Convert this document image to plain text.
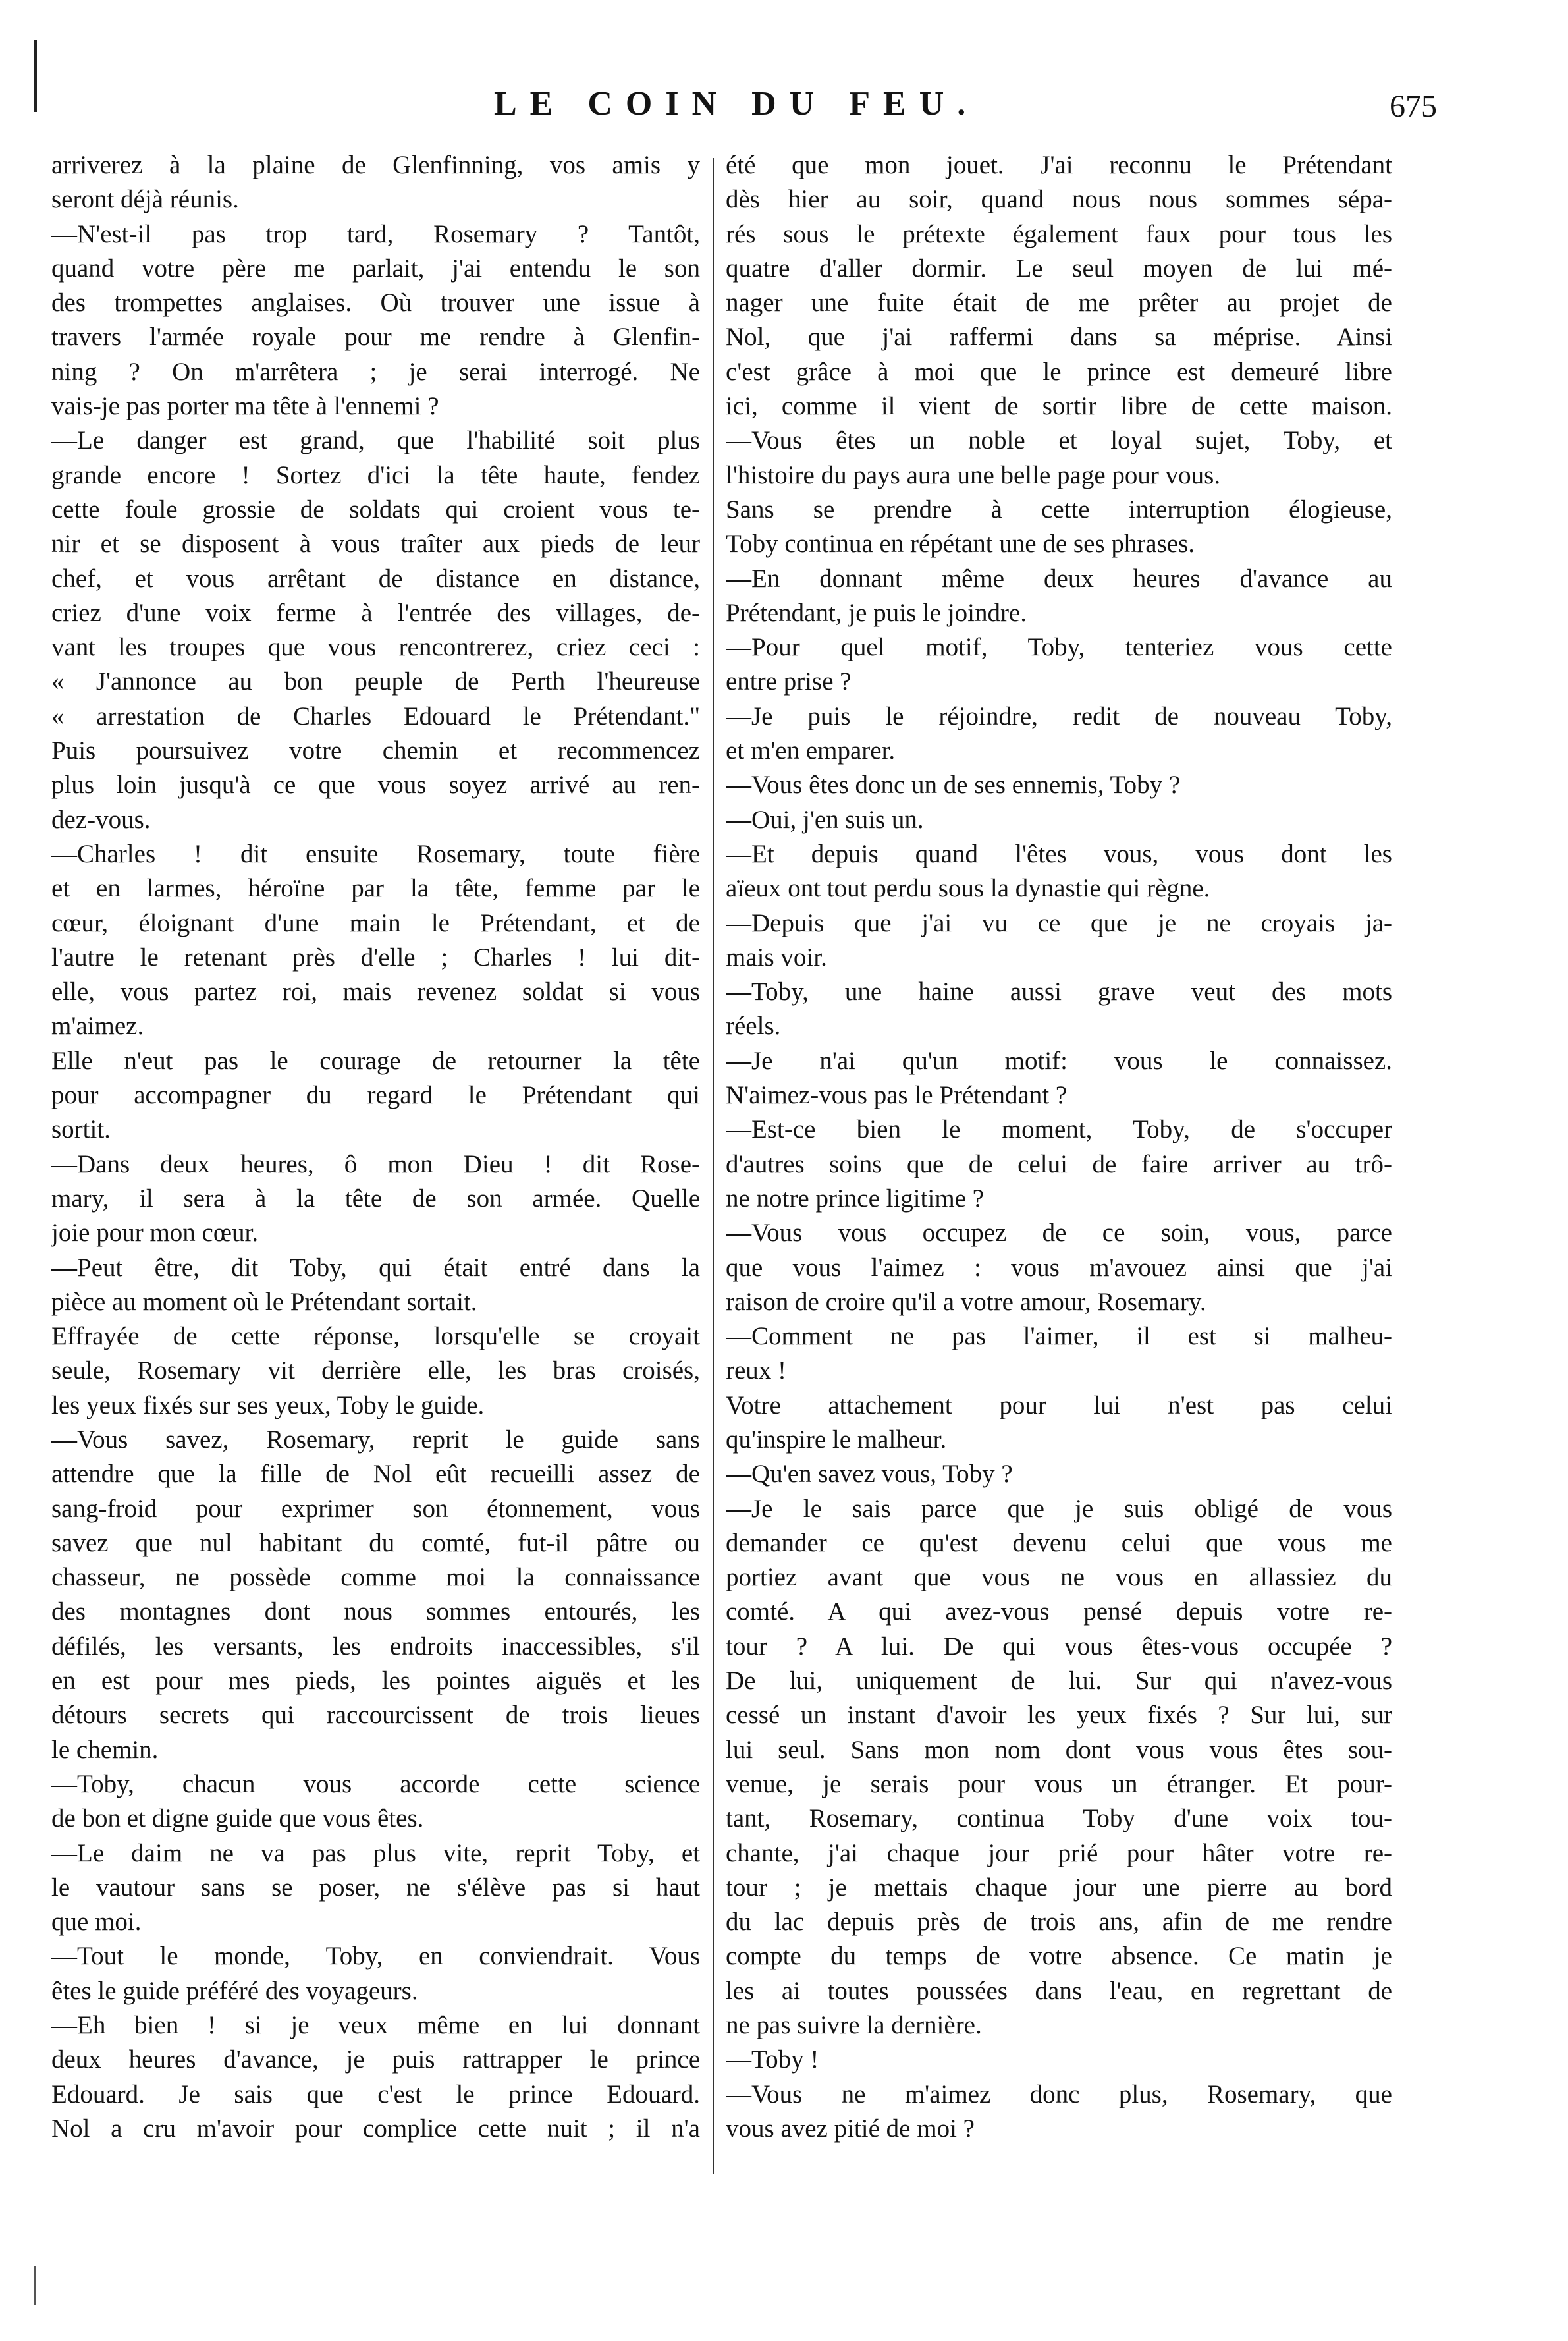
LE COIN DU FEU.	675
arriverez à la plaine de Glenfinning, vos amis y
seront déjà réunis.
—N'est-il pas trop tard, Rosemary ? Tantôt,
quand votre père me parlait, j'ai entendu le son
des trompettes anglaises. Où trouver une issue à
travers l'armée royale pour me rendre à Glenfin-
ning ? On m'arrêtera ; je serai interrogé. Ne
vais-je pas porter ma tête à l'ennemi ?
—Le danger est grand, que l'habilité soit plus
grande encore ! Sortez d'ici la tête haute, fendez
cette foule grossie de soldats qui croient vous te-
nir et se disposent à vous traîter aux pieds de leur
chef, et vous arrêtant de distance en distance,
criez d'une voix ferme à l'entrée des villages, de-
vant les troupes que vous rencontrerez, criez ceci :
« J'annonce au bon peuple de Perth l'heureuse
« arrestation de Charles Edouard le Prétendant."
Puis poursuivez votre chemin et recommencez
plus loin jusqu'à ce que vous soyez arrivé au ren-
dez-vous.
—Charles ! dit ensuite Rosemary, toute fière
et en larmes, héroïne par la tête, femme par le
cœur, éloignant d'une main le Prétendant, et de
l'autre le retenant près d'elle ; Charles ! lui dit-
elle, vous partez roi, mais revenez soldat si vous
m'aimez.
Elle n'eut pas le courage de retourner la tête
pour accompagner du regard le Prétendant qui
sortit.
—Dans deux heures, ô mon Dieu ! dit Rose-
mary, il sera à la tête de son armée. Quelle
joie pour mon cœur.
—Peut être, dit Toby, qui était entré dans la
pièce au moment où le Prétendant sortait.
Effrayée de cette réponse, lorsqu'elle se croyait
seule, Rosemary vit derrière elle, les bras croisés,
les yeux fixés sur ses yeux, Toby le guide.
—Vous savez, Rosemary, reprit le guide sans
attendre que la fille de Nol eût recueilli assez de
sang-froid pour exprimer son étonnement, vous
savez que nul habitant du comté, fut-il pâtre ou
chasseur, ne possède comme moi la connaissance
des montagnes dont nous sommes entourés, les
défilés, les versants, les endroits inaccessibles, s'il
en est pour mes pieds, les pointes aiguës et les
détours secrets qui raccourcissent de trois lieues
le chemin.
—Toby, chacun vous accorde cette science
de bon et digne guide que vous êtes.
—Le daim ne va pas plus vite, reprit Toby, et
le vautour sans se poser, ne s'élève pas si haut
que moi.
—Tout le monde, Toby, en conviendrait. Vous
êtes le guide préféré des voyageurs.
—Eh bien ! si je veux même en lui donnant
deux heures d'avance, je puis rattrapper le prince
Edouard. Je sais que c'est le prince Edouard.
Nol a cru m'avoir pour complice cette nuit ; il n'a
été que mon jouet. J'ai reconnu le Prétendant
dès hier au soir, quand nous nous sommes sépa-
rés sous le prétexte également faux pour tous les
quatre d'aller dormir. Le seul moyen de lui mé-
nager une fuite était de me prêter au projet de
Nol, que j'ai raffermi dans sa méprise. Ainsi
c'est grâce à moi que le prince est demeuré libre
ici, comme il vient de sortir libre de cette maison.
—Vous êtes un noble et loyal sujet, Toby, et
l'histoire du pays aura une belle page pour vous.
Sans se prendre à cette interruption élogieuse,
Toby continua en répétant une de ses phrases.
—En donnant même deux heures d'avance au
Prétendant, je puis le joindre.
—Pour quel motif, Toby, tenteriez vous cette
entre prise ?
—Je puis le réjoindre, redit de nouveau Toby,
et m'en emparer.
—Vous êtes donc un de ses ennemis, Toby ?
—Oui, j'en suis un.
—Et depuis quand l'êtes vous, vous dont les
aïeux ont tout perdu sous la dynastie qui règne.
—Depuis que j'ai vu ce que je ne croyais ja-
mais voir.
—Toby, une haine aussi grave veut des mots
réels.
—Je n'ai qu'un motif: vous le connaissez.
N'aimez-vous pas le Prétendant ?
—Est-ce bien le moment, Toby, de s'occuper
d'autres soins que de celui de faire arriver au trô-
ne notre prince ligitime ?
—Vous vous occupez de ce soin, vous, parce
que vous l'aimez : vous m'avouez ainsi que j'ai
raison de croire qu'il a votre amour, Rosemary.
—Comment ne pas l'aimer, il est si malheu-
reux !
Votre attachement pour lui n'est pas celui
qu'inspire le malheur.
—Qu'en savez vous, Toby ?
—Je le sais parce que je suis obligé de vous
demander ce qu'est devenu celui que vous me
portiez avant que vous ne vous en allassiez du
comté. A qui avez-vous pensé depuis votre re-
tour ? A lui. De qui vous êtes-vous occupée ?
De lui, uniquement de lui. Sur qui n'avez-vous
cessé un instant d'avoir les yeux fixés ? Sur lui, sur
lui seul. Sans mon nom dont vous vous êtes sou-
venue, je serais pour vous un étranger. Et pour-
tant, Rosemary, continua Toby d'une voix tou-
chante, j'ai chaque jour prié pour hâter votre re-
tour ; je mettais chaque jour une pierre au bord
du lac depuis près de trois ans, afin de me rendre
compte du temps de votre absence. Ce matin je
les ai toutes poussées dans l'eau, en regrettant de
ne pas suivre la dernière.
—Toby !
—Vous ne m'aimez donc plus, Rosemary, que
vous avez pitié de moi ?
